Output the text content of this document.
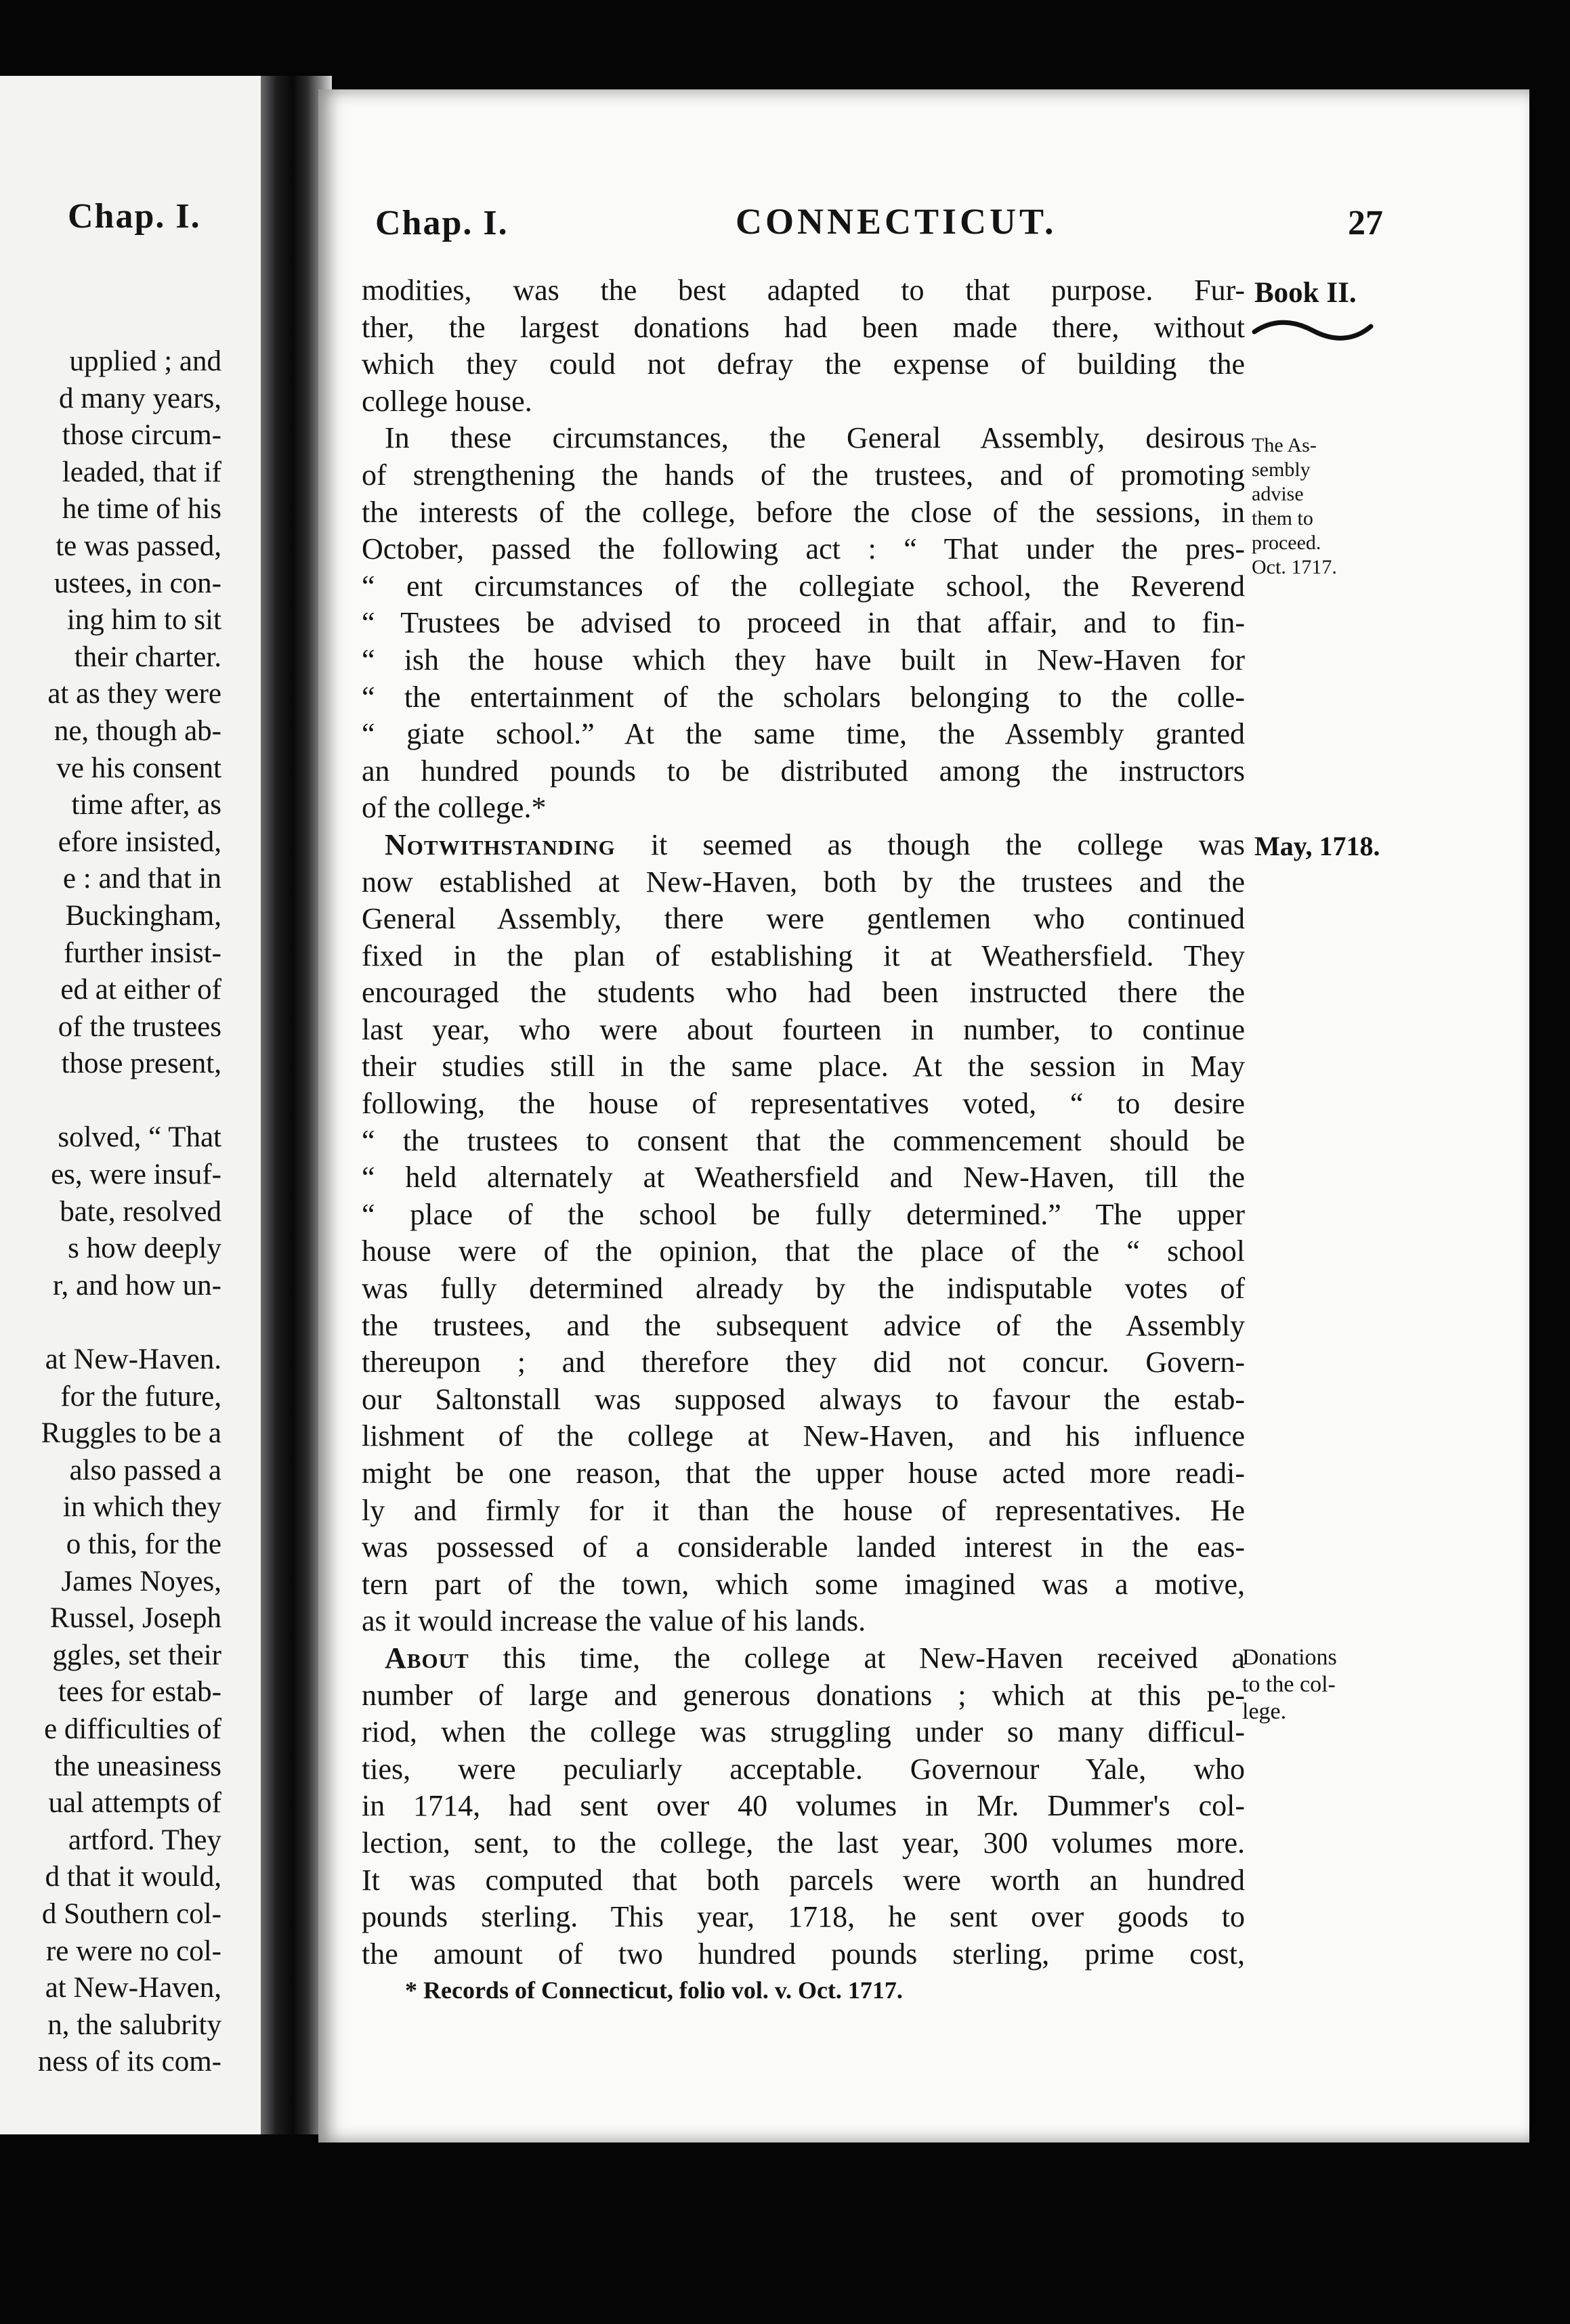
Chap. I.
upplied ; and
d many years,
those circum-
leaded, that if
he time of his
te was passed,
ustees, in con-
ing him to sit
their charter.
at as they were
ne, though ab-
ve his consent
time after, as
efore insisted,
e : and that in
Buckingham,
further insist-
ed at either of
of the trustees
those present,

solved, “ That
es, were insuf-
bate, resolved
s how deeply
r, and how un-

at New-Haven.
for the future,
Ruggles to be a
also passed a
in which they
o this, for the
James Noyes,
Russel, Joseph
ggles, set their
tees for estab-
e difficulties of
the uneasiness
ual attempts of
artford. They
d that it would,
d Southern col-
re were no col-
at New-Haven,
n, the salubrity
ness of its com-
Chap. I.	CONNECTICUT.	27
Book II.
modities, was the best adapted to that purpose. Fur-
ther, the largest donations had been made there, without
which they could not defray the expense of building the
college house.
In these circumstances, the General Assembly, desirous
of strengthening the hands of the trustees, and of promoting
the interests of the college, before the close of the sessions, in
October, passed the following act : “ That under the pres-
“ ent circumstances of the collegiate school, the Reverend
“ Trustees be advised to proceed in that affair, and to fin-
“ ish the house which they have built in New-Haven for
“ the entertainment of the scholars belonging to the colle-
“ giate school.” At the same time, the Assembly granted
an hundred pounds to be distributed among the instructors
of the college.*
Notwithstanding it seemed as though the college was
now established at New-Haven, both by the trustees and the
General Assembly, there were gentlemen who continued
fixed in the plan of establishing it at Weathersfield. They
encouraged the students who had been instructed there the
last year, who were about fourteen in number, to continue
their studies still in the same place. At the session in May
following, the house of representatives voted, “ to desire
“ the trustees to consent that the commencement should be
“ held alternately at Weathersfield and New-Haven, till the
“ place of the school be fully determined.” The upper
house were of the opinion, that the place of the “ school
was fully determined already by the indisputable votes of
the trustees, and the subsequent advice of the Assembly
thereupon ; and therefore they did not concur. Govern-
our Saltonstall was supposed always to favour the estab-
lishment of the college at New-Haven, and his influence
might be one reason, that the upper house acted more readi-
ly and firmly for it than the house of representatives. He
was possessed of a considerable landed interest in the eas-
tern part of the town, which some imagined was a motive,
as it would increase the value of his lands.
About this time, the college at New-Haven received a
number of large and generous donations ; which at this pe-
riod, when the college was struggling under so many difficul-
ties, were peculiarly acceptable. Governour Yale, who
in 1714, had sent over 40 volumes in Mr. Dummer's col-
lection, sent, to the college, the last year, 300 volumes more.
It was computed that both parcels were worth an hundred
pounds sterling. This year, 1718, he sent over goods to
the amount of two hundred pounds sterling, prime cost,
The As-
sembly
advise
them to
proceed.
Oct. 1717.
May, 1718.
Donations
to the col-
lege.
* Records of Connecticut, folio vol. v. Oct. 1717.
